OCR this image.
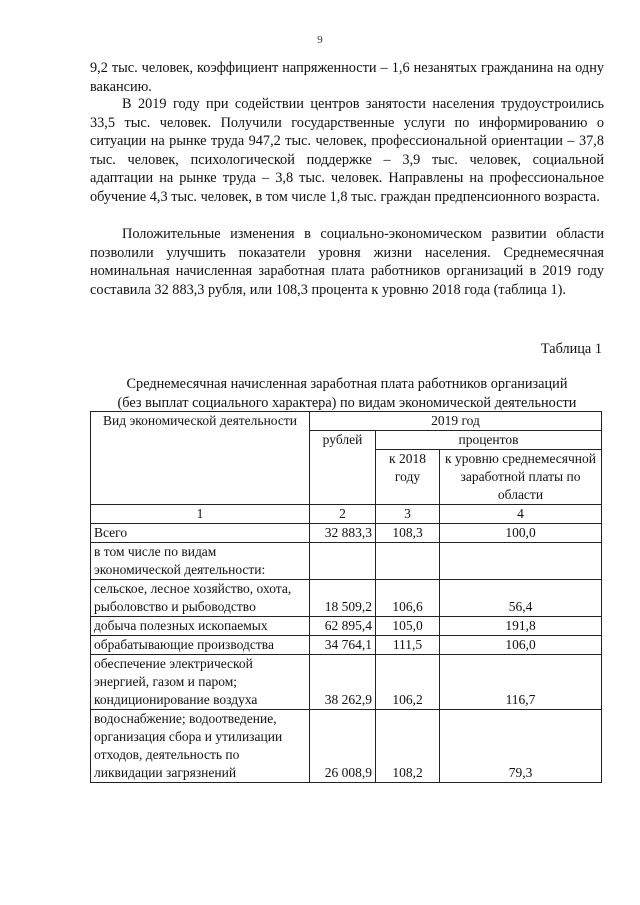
9

9,2 тыс. человек, коэффициент напряженности – 1,6 незанятых гражданина на одну вакансию.

В 2019 году при содействии центров занятости населения трудоустроились 33,5 тыс. человек. Получили государственные услуги по информированию о ситуации на рынке труда 947,2 тыс. человек, профессиональной ориентации – 37,8 тыс. человек, психологической поддержке – 3,9 тыс. человек, социальной адаптации на рынке труда – 3,8 тыс. человек. Направлены на профессиональное обучение 4,3 тыс. человек, в том числе 1,8 тыс. граждан предпенсионного возраста.

Положительные изменения в социально-экономическом развитии области позволили улучшить показатели уровня жизни населения. Среднемесячная номинальная начисленная заработная плата работников организаций в 2019 году составила 32 883,3 рубля, или 108,3 процента к уровню 2018 года (таблица 1).

Таблица 1
Среднемесячная начисленная заработная плата работников организаций
(без выплат социального характера) по видам экономической деятельности
Вид экономической деятельности	2019 год		
	рублей	процентов	
		к 2018 году	к уровню среднемесячной заработной платы по области
1	2	3	4
Всего	32 883,3	108,3	100,0
в том числе по видам экономической деятельности:			
сельское, лесное хозяйство, охота, рыболовство и рыбоводство	18 509,2	106,6	56,4
добыча полезных ископаемых	62 895,4	105,0	191,8
обрабатывающие производства	34 764,1	111,5	106,0
обеспечение электрической энергией, газом и паром; кондиционирование воздуха	38 262,9	106,2	116,7
водоснабжение; водоотведение, организация сбора и утилизации отходов, деятельность по ликвидации загрязнений	26 008,9	108,2	79,3
